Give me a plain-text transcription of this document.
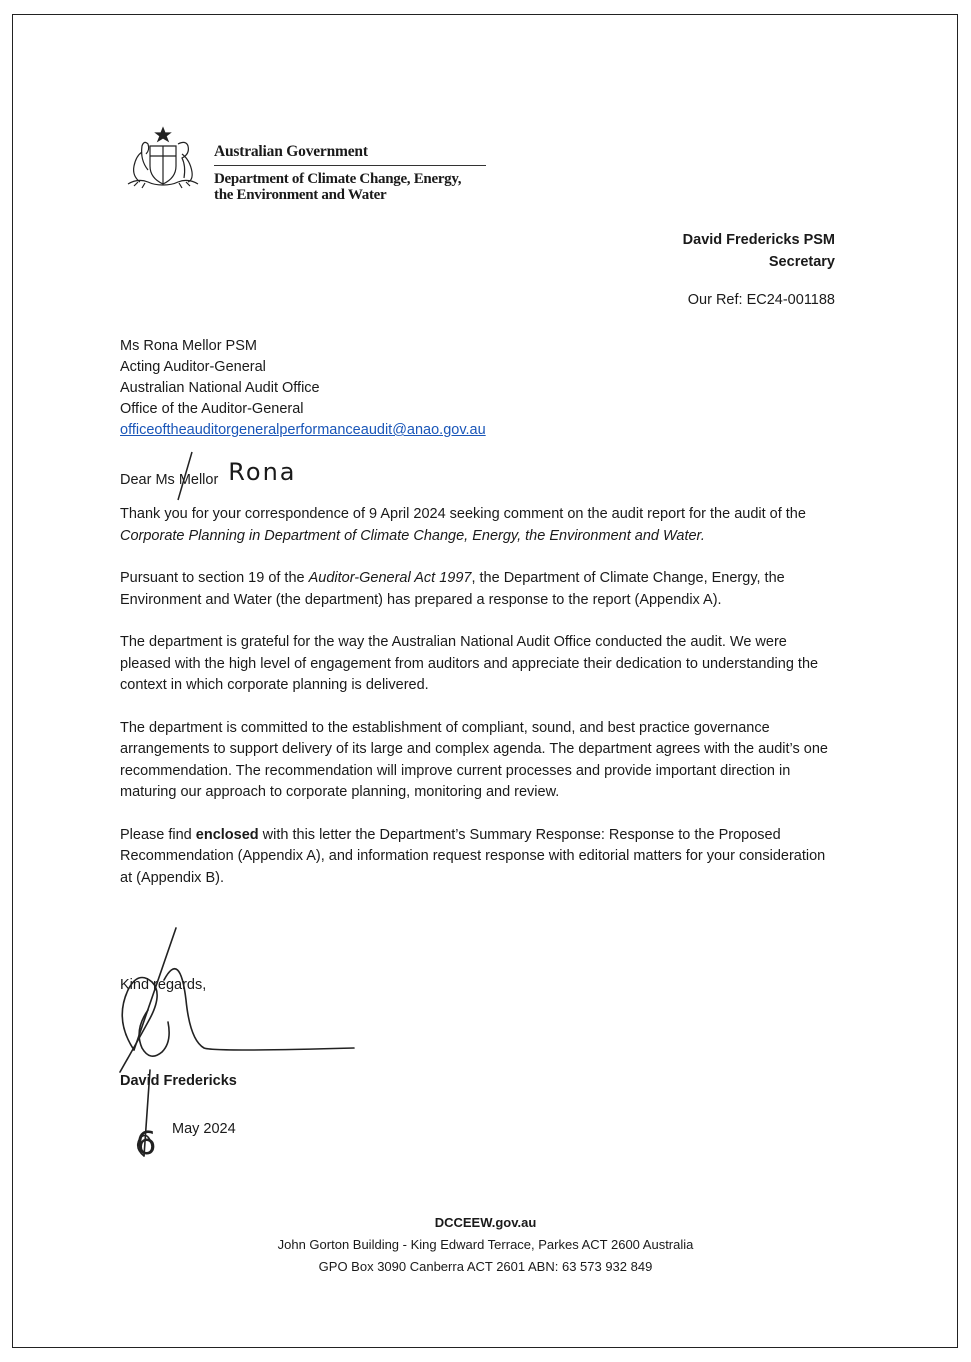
Australian Government
Department of Climate Change, Energy,
the Environment and Water
David Fredericks PSM
Secretary
Our Ref: EC24-001188
Ms Rona Mellor PSM
Acting Auditor-General
Australian National Audit Office
Office of the Auditor-General
officeoftheauditorgeneralperformanceaudit@anao.gov.au
Dear Ms Mellor Rona

Thank you for your correspondence of 9 April 2024 seeking comment on the audit report for the audit of the Corporate Planning in Department of Climate Change, Energy, the Environment and Water.

Pursuant to section 19 of the Auditor-General Act 1997, the Department of Climate Change, Energy, the Environment and Water (the department) has prepared a response to the report (Appendix A).

The department is grateful for the way the Australian National Audit Office conducted the audit. We were pleased with the high level of engagement from auditors and appreciate their dedication to understanding the context in which corporate planning is delivered.

The department is committed to the establishment of compliant, sound, and best practice governance arrangements to support delivery of its large and complex agenda. The department agrees with the audit’s one recommendation. The recommendation will improve current processes and provide important direction in maturing our approach to corporate planning, monitoring and review.

Please find enclosed with this letter the Department’s Summary Response: Response to the Proposed Recommendation (Appendix A), and information request response with editorial matters for your consideration at (Appendix B).

Kind regards,
6
David Fredericks
May 2024
DCCEEW.gov.au
John Gorton Building - King Edward Terrace, Parkes ACT 2600 Australia
GPO Box 3090 Canberra ACT 2601 ABN: 63 573 932 849
